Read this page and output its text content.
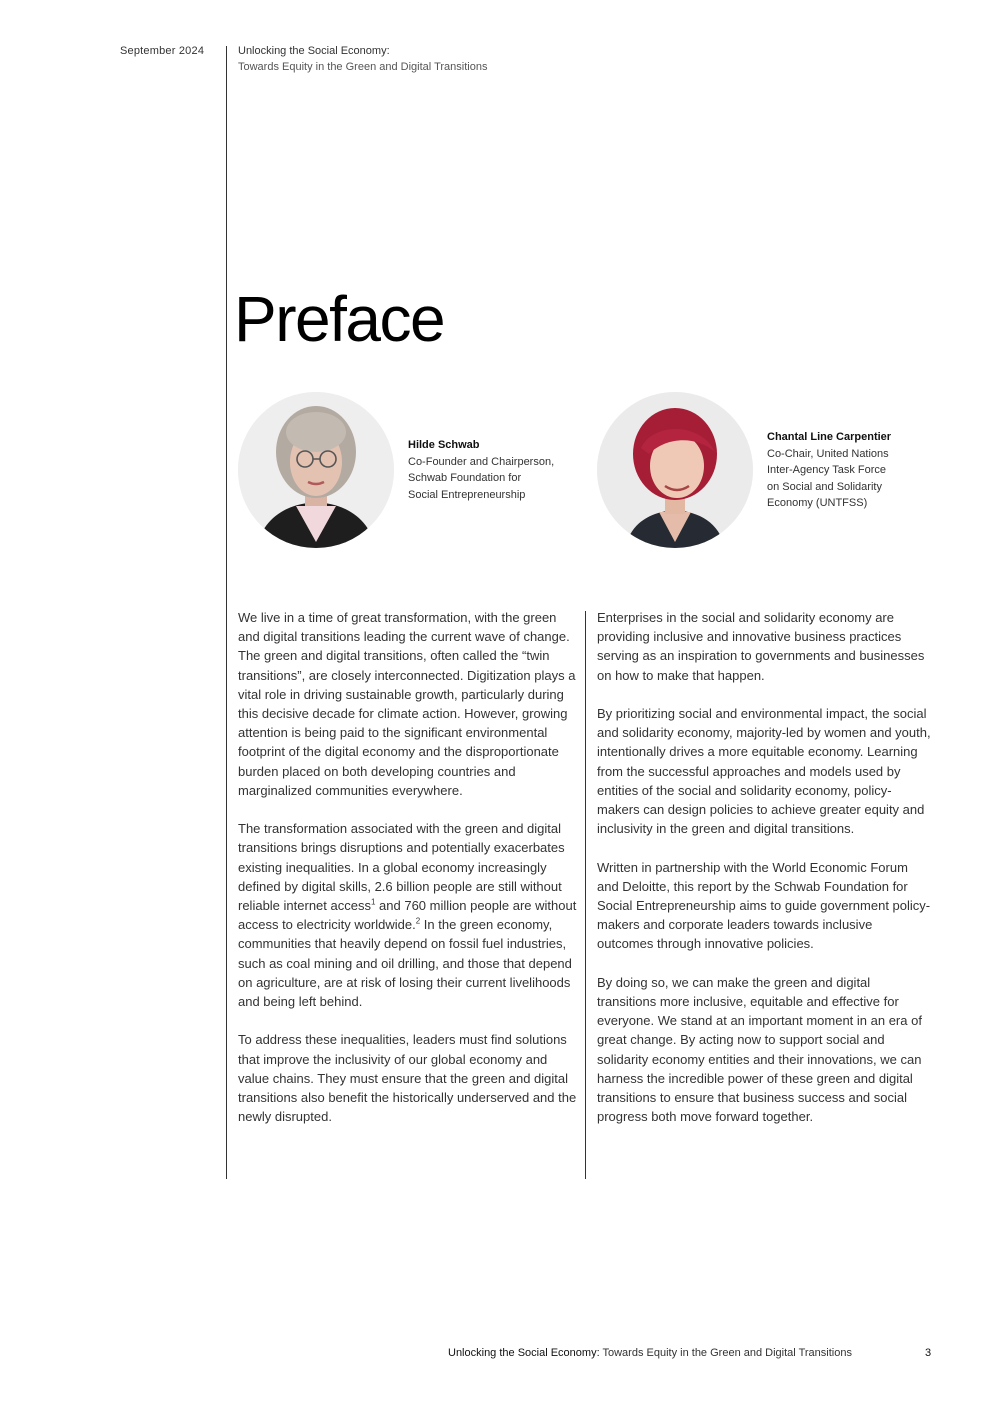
September 2024	Unlocking the Social Economy:
Towards Equity in the Green and Digital Transitions
Preface
Hilde Schwab
Co-Founder and Chairperson,
Schwab Foundation for
Social Entrepreneurship
Chantal Line Carpentier
Co-Chair, United Nations
Inter-Agency Task Force
on Social and Solidarity
Economy (UNTFSS)

We live in a time of great transformation, with the green and digital transitions leading the current wave of change. The green and digital transitions, often called the “twin transitions”, are closely interconnected. Digitization plays a vital role in driving sustainable growth, particularly during this decisive decade for climate action. However, growing attention is being paid to the significant environmental footprint of the digital economy and the disproportionate burden placed on both developing countries and marginalized communities everywhere.

The transformation associated with the green and digital transitions brings disruptions and potentially exacerbates existing inequalities. In a global economy increasingly defined by digital skills, 2.6 billion people are still without reliable internet access$^1$ and 760 million people are without access to electricity worldwide.$^2$ In the green economy, communities that heavily depend on fossil fuel industries, such as coal mining and oil drilling, and those that depend on agriculture, are at risk of losing their current livelihoods and being left behind.

To address these inequalities, leaders must find solutions that improve the inclusivity of our global economy and value chains. They must ensure that the green and digital transitions also benefit the historically underserved and the newly disrupted.

Enterprises in the social and solidarity economy are providing inclusive and innovative business practices serving as an inspiration to governments and businesses on how to make that happen.

By prioritizing social and environmental impact, the social and solidarity economy, majority-led by women and youth, intentionally drives a more equitable economy. Learning from the successful approaches and models used by entities of the social and solidarity economy, policy-makers can design policies to achieve greater equity and inclusivity in the green and digital transitions.

Written in partnership with the World Economic Forum and Deloitte, this report by the Schwab Foundation for Social Entrepreneurship aims to guide government policy-makers and corporate leaders towards inclusive outcomes through innovative policies.

By doing so, we can make the green and digital transitions more inclusive, equitable and effective for everyone. We stand at an important moment in an era of great change. By acting now to support social and solidarity economy entities and their innovations, we can harness the incredible power of these green and digital transitions to ensure that business success and social progress both move forward together.

Unlocking the Social Economy: Towards Equity in the Green and Digital Transitions	3
